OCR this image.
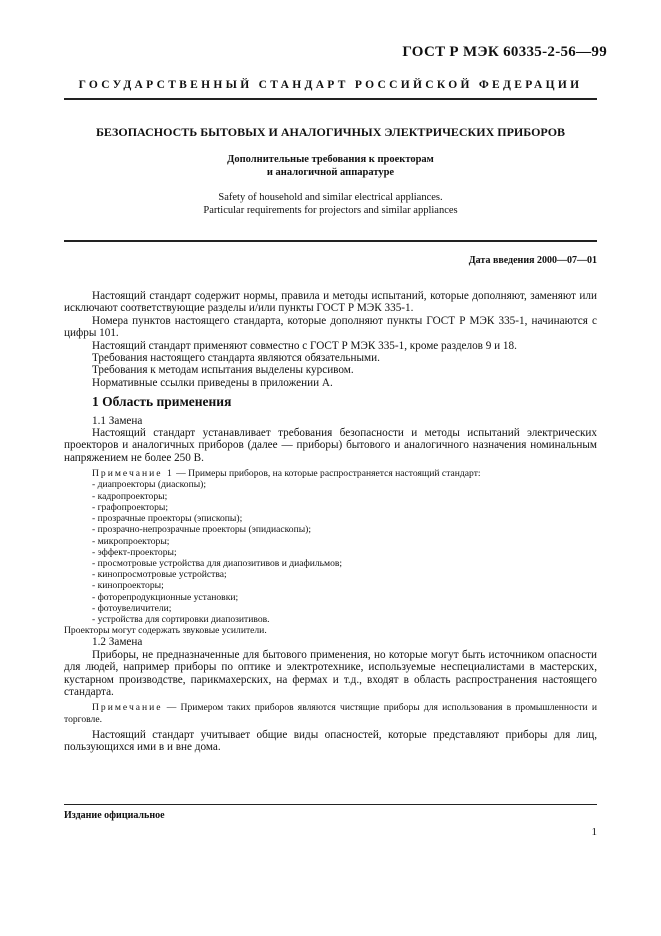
ГОСТ Р МЭК 60335-2-56—99
ГОСУДАРСТВЕННЫЙ СТАНДАРТ РОССИЙСКОЙ ФЕДЕРАЦИИ
БЕЗОПАСНОСТЬ БЫТОВЫХ И АНАЛОГИЧНЫХ ЭЛЕКТРИЧЕСКИХ ПРИБОРОВ
Дополнительные требования к проекторам
и аналогичной аппаратуре
Safety of household and similar electrical appliances.
Particular requirements for projectors and similar appliances
Дата введения 2000—07—01

Настоящий стандарт содержит нормы, правила и методы испытаний, которые дополняют, заменяют или исключают соответствующие разделы и/или пункты ГОСТ Р МЭК 335-1.

Номера пунктов настоящего стандарта, которые дополняют пункты ГОСТ Р МЭК 335-1, начинаются с цифры 101.

Настоящий стандарт применяют совместно с ГОСТ Р МЭК 335-1, кроме разделов 9 и 18.

Требования настоящего стандарта являются обязательными.

Требования к методам испытания выделены курсивом.

Нормативные ссылки приведены в приложении А.

1 Область применения

1.1 Замена

Настоящий стандарт устанавливает требования безопасности и методы испытаний электрических проекторов и аналогичных приборов (далее — приборы) бытового и аналогичного назначения номинальным напряжением не более 250 В.

Примечание 1 — Примеры приборов, на которые распространяется настоящий стандарт:

- диапроекторы (диаскопы);
- кадропроекторы;
- графопроекторы;
- прозрачные проекторы (эпископы);
- прозрачно-непрозрачные проекторы (эпидиаскопы);
- микропроекторы;
- эффект-проекторы;
- просмотровые устройства для диапозитивов и диафильмов;
- кинопросмотровые устройства;
- кинопроекторы;
- фоторепродукционные установки;
- фотоувеличители;
- устройства для сортировки диапозитивов.

Проекторы могут содержать звуковые усилители.

1.2 Замена

Приборы, не предназначенные для бытового применения, но которые могут быть источником опасности для людей, например приборы по оптике и электротехнике, используемые неспециалистами в мастерских, кустарном производстве, парикмахерских, на фермах и т.д., входят в область распространения настоящего стандарта.

Примечание — Примером таких приборов являются чистящие приборы для использования в промышленности и торговле.

Настоящий стандарт учитывает общие виды опасностей, которые представляют приборы для лиц, пользующихся ими в и вне дома.

Издание официальное
1
